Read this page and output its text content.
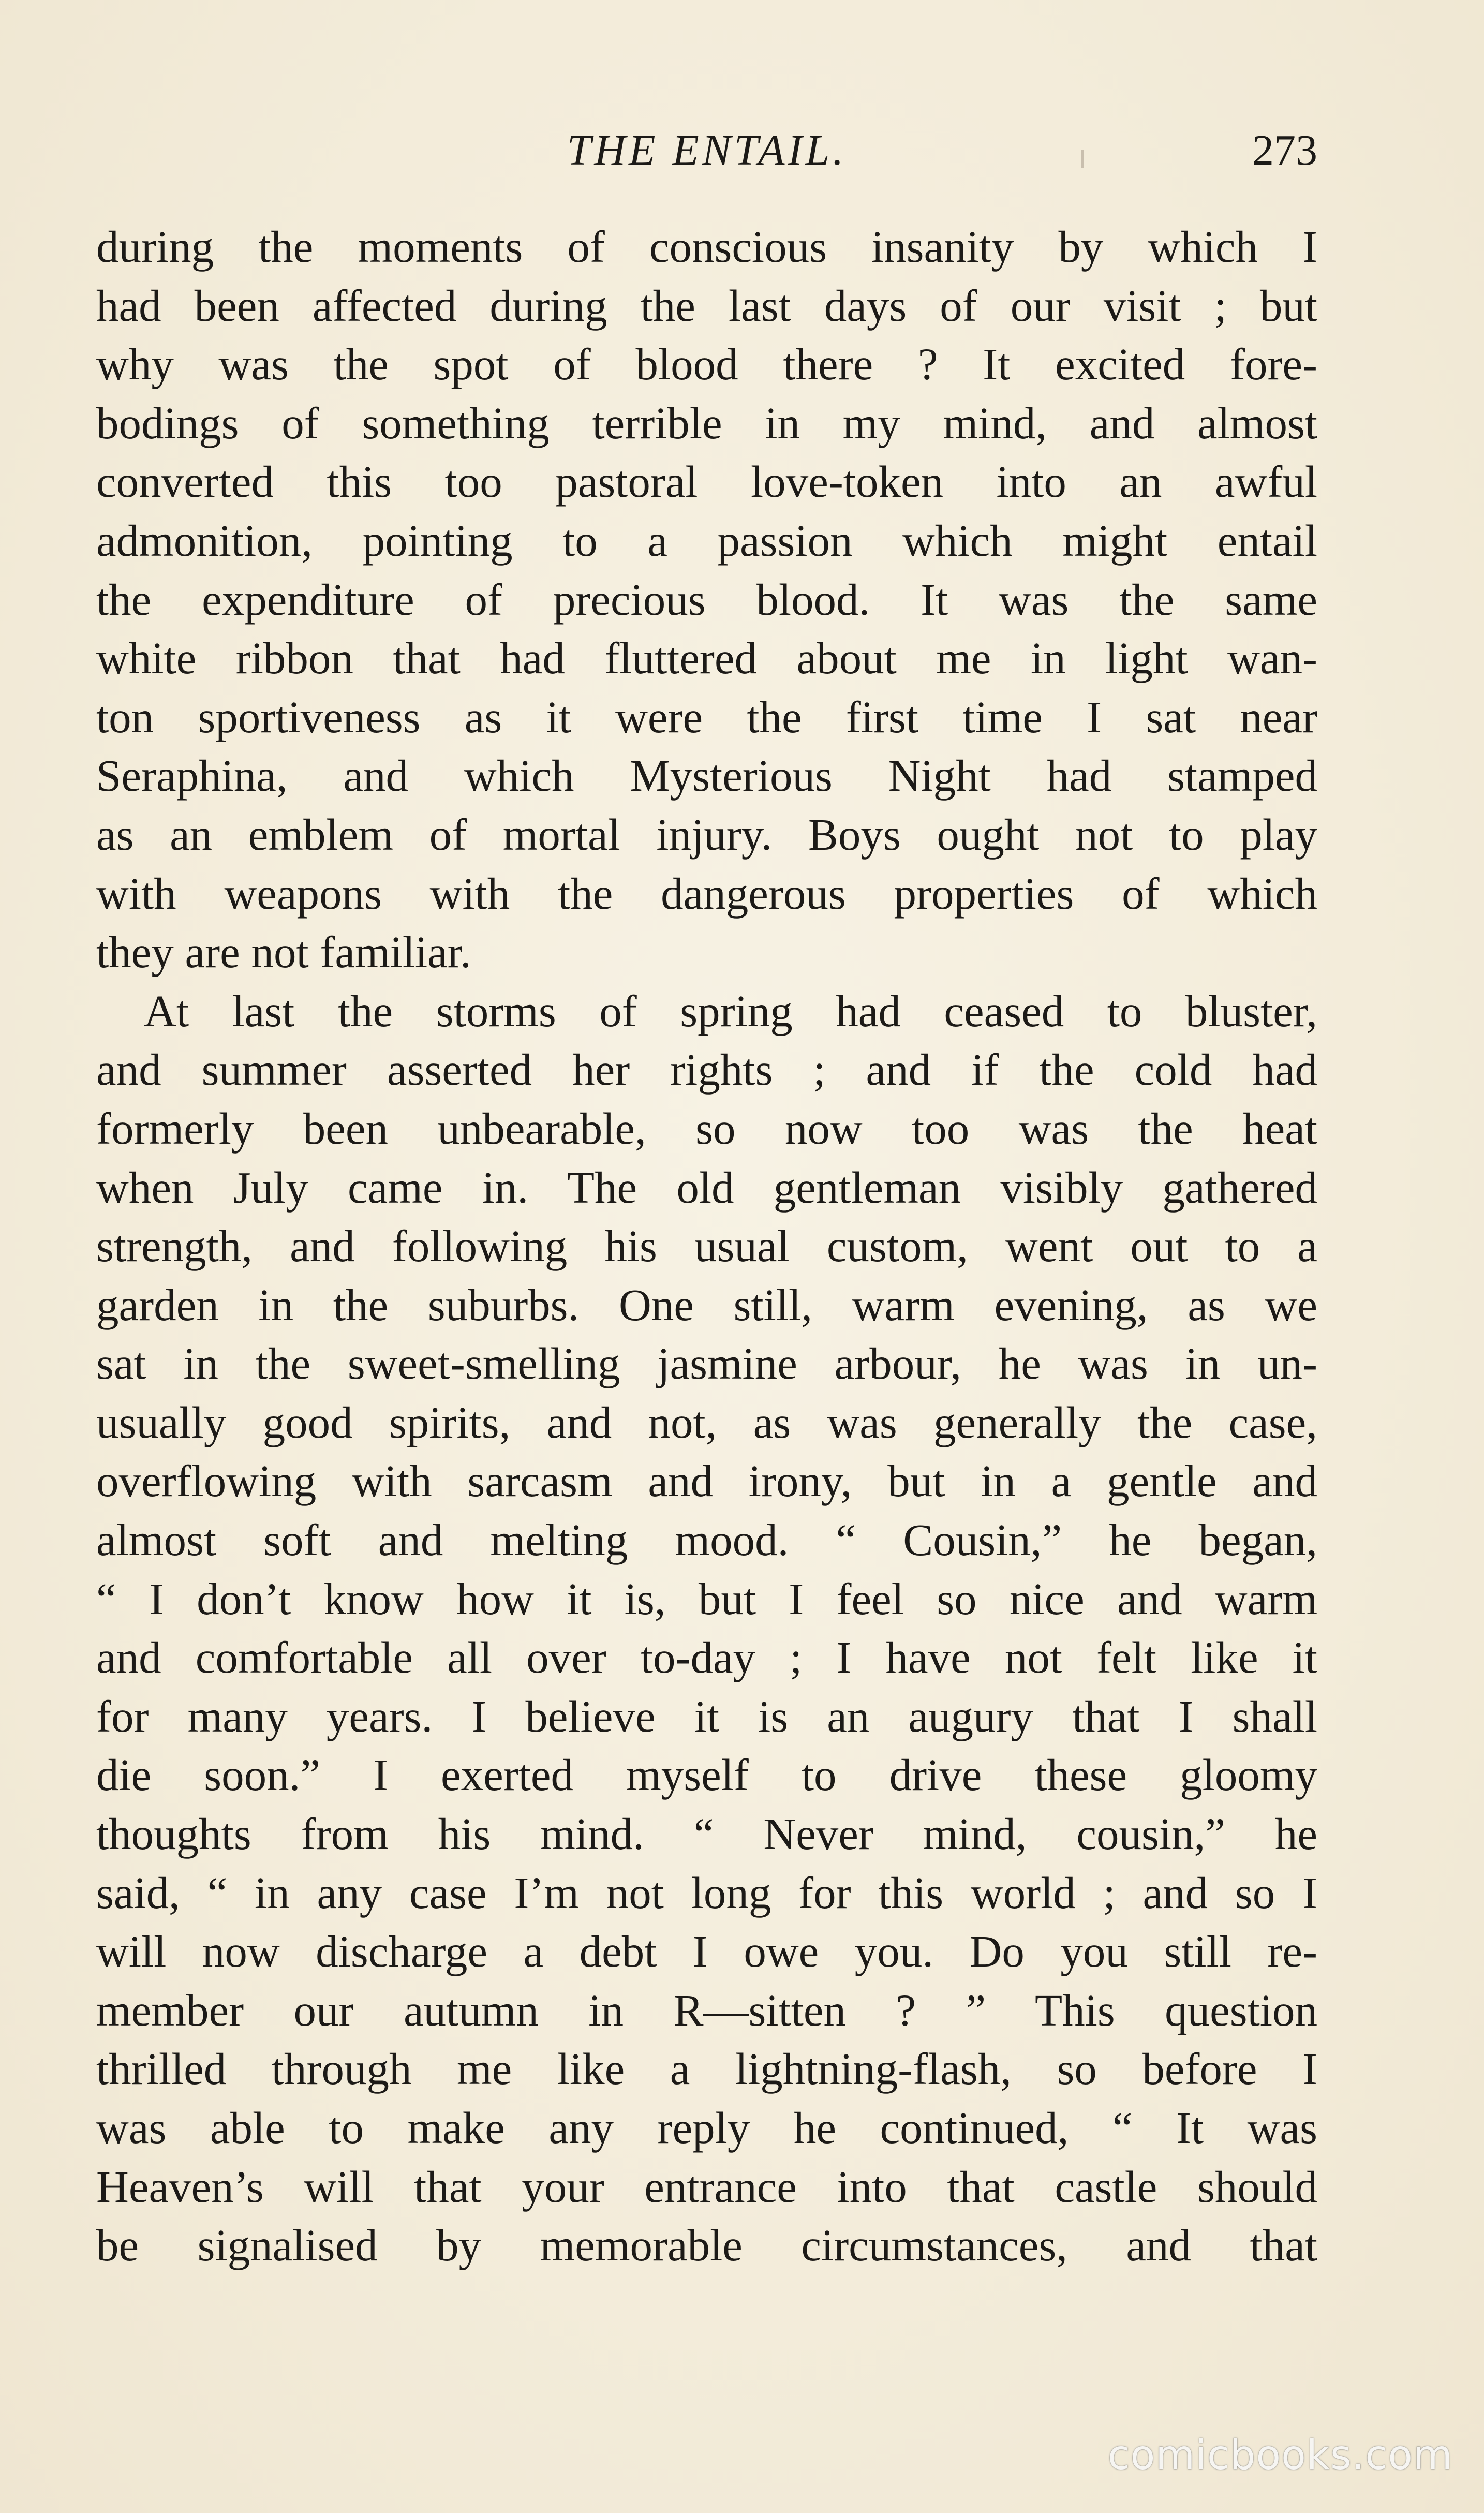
THE ENTAIL.	273
during the moments of conscious insanity by which I
had been affected during the last days of our visit ; but
why was the spot of blood there ? It excited fore-
bodings of something terrible in my mind, and almost
converted this too pastoral love-token into an awful
admonition, pointing to a passion which might entail
the expenditure of precious blood. It was the same
white ribbon that had fluttered about me in light wan-
ton sportiveness as it were the first time I sat near
Seraphina, and which Mysterious Night had stamped
as an emblem of mortal injury. Boys ought not to play
with weapons with the dangerous properties of which
they are not familiar.
At last the storms of spring had ceased to bluster,
and summer asserted her rights ; and if the cold had
formerly been unbearable, so now too was the heat
when July came in. The old gentleman visibly gathered
strength, and following his usual custom, went out to a
garden in the suburbs. One still, warm evening, as we
sat in the sweet-smelling jasmine arbour, he was in un-
usually good spirits, and not, as was generally the case,
overflowing with sarcasm and irony, but in a gentle and
almost soft and melting mood. “ Cousin,” he began,
“ I don’t know how it is, but I feel so nice and warm
and comfortable all over to-day ; I have not felt like it
for many years. I believe it is an augury that I shall
die soon.” I exerted myself to drive these gloomy
thoughts from his mind. “ Never mind, cousin,” he
said, “ in any case I’m not long for this world ; and so I
will now discharge a debt I owe you. Do you still re-
member our autumn in R—sitten ? ” This question
thrilled through me like a lightning-flash, so before I
was able to make any reply he continued, “ It was
Heaven’s will that your entrance into that castle should
be signalised by memorable circumstances, and that
comicbooks.com
